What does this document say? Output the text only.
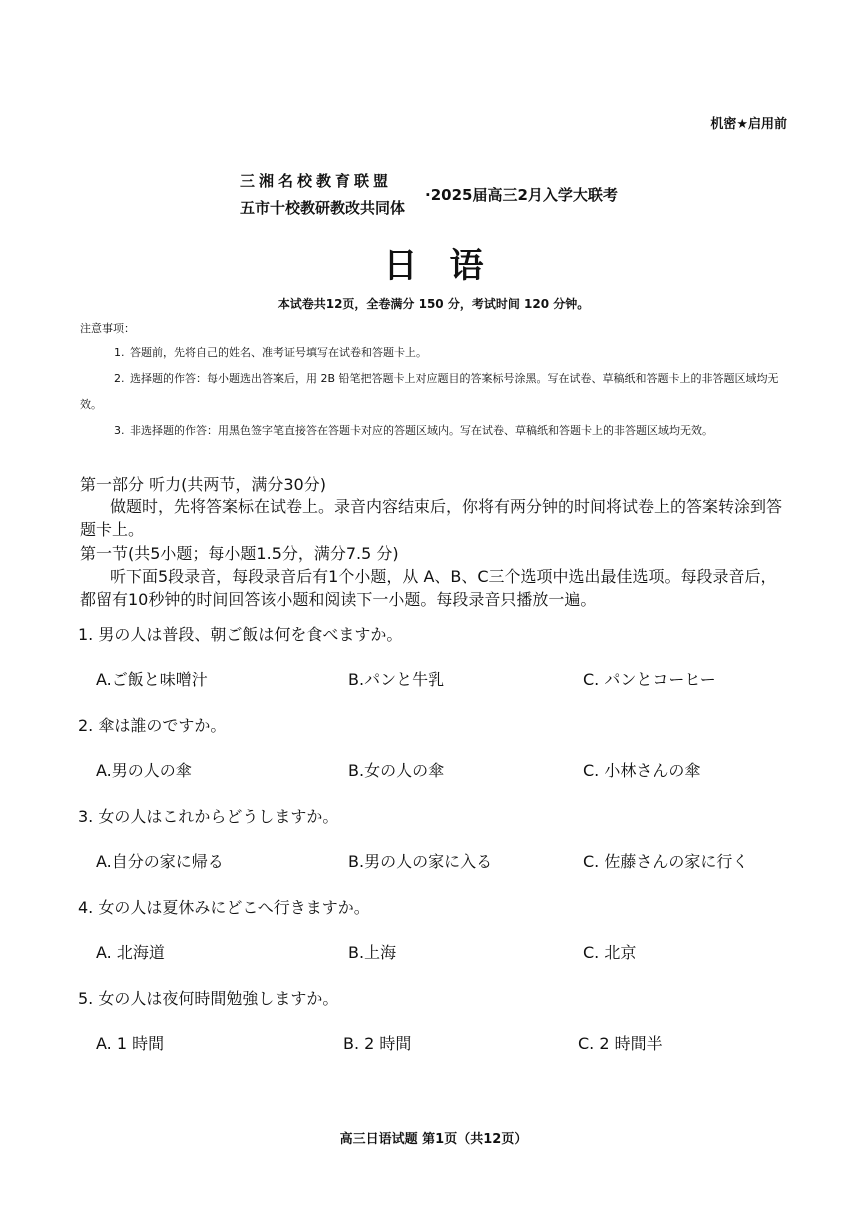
机密★启用前
三湘名校教育联盟
五市十校教研教改共同体
·2025届高三2月入学大联考
日语
本试卷共12页，全卷满分 150 分，考试时间 120 分钟。
注意事项：
1. 答题前，先将自己的姓名、准考证号填写在试卷和答题卡上。
2. 选择题的作答：每小题选出答案后，用 2B 铅笔把答题卡上对应题目的答案标号涂黑。写在试卷、草稿纸和答题卡上的非答题区域均无效。
3. 非选择题的作答：用黑色签字笔直接答在答题卡对应的答题区域内。写在试卷、草稿纸和答题卡上的非答题区域均无效。
第一部分 听力(共两节，满分30分)
做题时，先将答案标在试卷上。录音内容结束后，你将有两分钟的时间将试卷上的答案转涂到答题卡上。
第一节(共5小题；每小题1.5分，满分7.5 分)
听下面5段录音，每段录音后有1个小题，从 A、B、C三个选项中选出最佳选项。每段录音后，都留有10秒钟的时间回答该小题和阅读下一小题。每段录音只播放一遍。
1. 男の人は普段、朝ご飯は何を食べますか。
A.ご飯と味噌汁	B.パンと牛乳	C. パンとコーヒー
2. 傘は誰のですか。
A.男の人の傘	B.女の人の傘	C. 小林さんの傘
3. 女の人はこれからどうしますか。
A.自分の家に帰る	B.男の人の家に入る	C. 佐藤さんの家に行く
4. 女の人は夏休みにどこへ行きますか。
A. 北海道	B.上海	C. 北京
5. 女の人は夜何時間勉強しますか。
A. 1 時間	B. 2 時間	C. 2 時間半
高三日语试题 第1页（共12页）
